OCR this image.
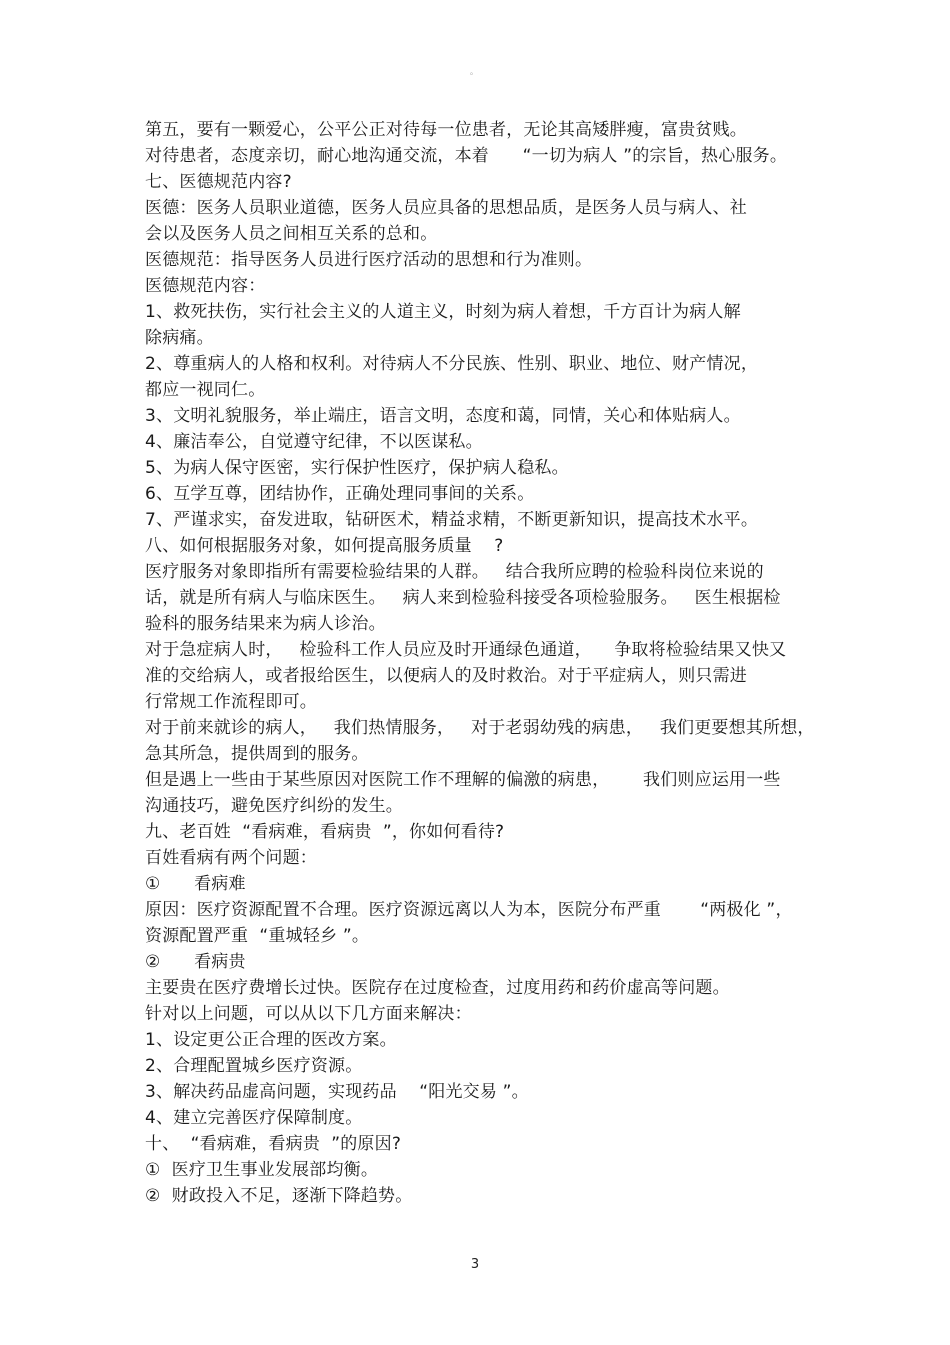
。
第五，要有一颗爱心，公平公正对待每一位患者，无论其高矮胖瘦，富贵贫贱。
对待患者，态度亲切，耐心地沟通交流，本着      “一切为病人 ”的宗旨，热心服务。
七、医德规范内容?
医德：医务人员职业道德，医务人员应具备的思想品质，是医务人员与病人、社
会以及医务人员之间相互关系的总和。
医德规范：指导医务人员进行医疗活动的思想和行为准则。
医德规范内容：
1、救死扶伤，实行社会主义的人道主义，时刻为病人着想，千方百计为病人解
除病痛。
2、尊重病人的人格和权利。对待病人不分民族、性别、职业、地位、财产情况，
都应一视同仁。
3、文明礼貌服务，举止端庄，语言文明，态度和蔼，同情，关心和体贴病人。
4、廉洁奉公，自觉遵守纪律，不以医谋私。
5、为病人保守医密，实行保护性医疗，保护病人稳私。
6、互学互尊，团结协作，正确处理同事间的关系。
7、严谨求实，奋发进取，钻研医术，精益求精，不断更新知识，提高技术水平。
八、如何根据服务对象，如何提高服务质量    ?
医疗服务对象即指所有需要检验结果的人群。   结合我所应聘的检验科岗位来说的
话，就是所有病人与临床医生。   病人来到检验科接受各项检验服务。   医生根据检
验科的服务结果来为病人诊治。
对于急症病人时，   检验科工作人员应及时开通绿色通道，    争取将检验结果又快又
准的交给病人，或者报给医生，以便病人的及时救治。对于平症病人，则只需进
行常规工作流程即可。
对于前来就诊的病人，   我们热情服务，   对于老弱幼残的病患，   我们更要想其所想，
急其所急，提供周到的服务。
但是遇上一些由于某些原因对医院工作不理解的偏激的病患，      我们则应运用一些
沟通技巧，避免医疗纠纷的发生。
九、老百姓  “看病难，看病贵  ”，你如何看待?
百姓看病有两个问题：
①      看病难
原因：医疗资源配置不合理。医疗资源远离以人为本，医院分布严重       “两极化 ”，
资源配置严重  “重城轻乡 ”。
②      看病贵
主要贵在医疗费增长过快。医院存在过度检查，过度用药和药价虚高等问题。
针对以上问题，可以从以下几方面来解决：
1、设定更公正合理的医改方案。
2、合理配置城乡医疗资源。
3、解决药品虚高问题，实现药品    “阳光交易 ”。
4、建立完善医疗保障制度。
十、  “看病难，看病贵  ”的原因?
①  医疗卫生事业发展部均衡。
②  财政投入不足，逐渐下降趋势。
3
